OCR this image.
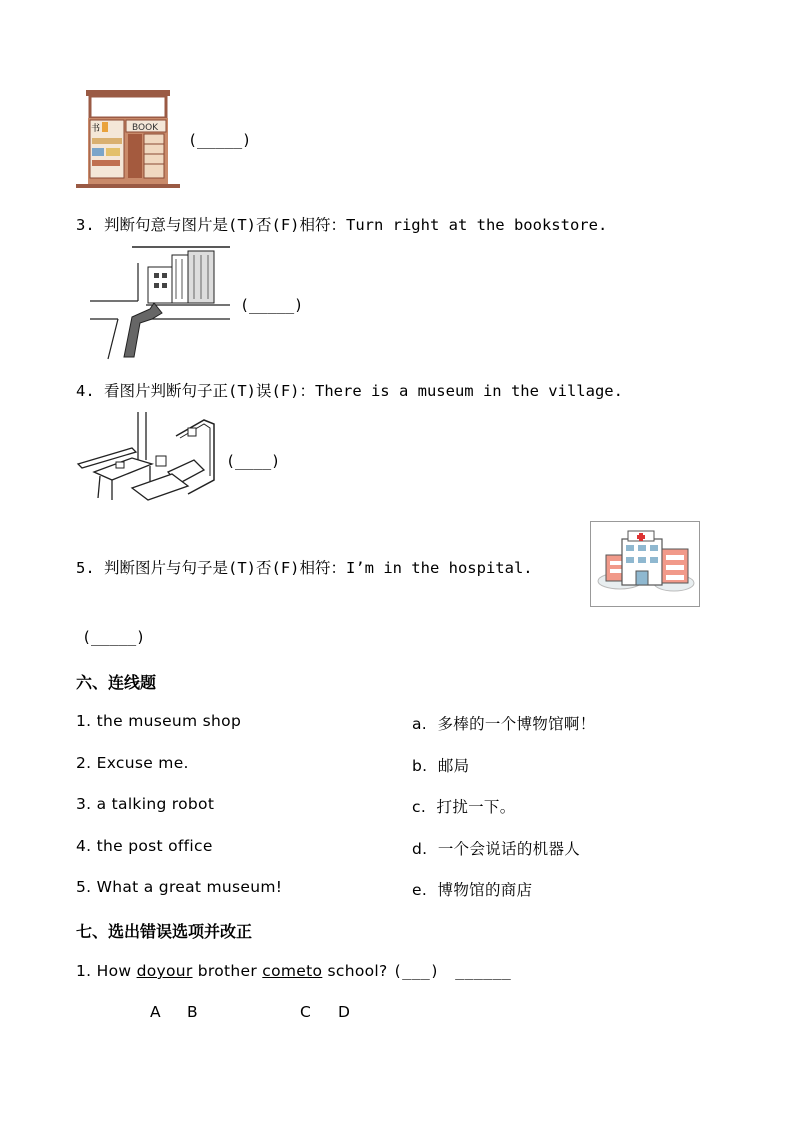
书	BOOK
(_____)
3. 判断句意与图片是(T)否(F)相符：Turn right at the bookstore.
(_____)
4. 看图片判断句子正(T)误(F)：There is a museum in the village.
(____)
5. 判断图片与句子是(T)否(F)相符：I’m in the hospital.
(_____)
六、连线题
1. the museum shop
2. Excuse me.
3. a talking robot
4. the post office
5. What a great museum!
a. 多棒的一个博物馆啊！
b. 邮局
c. 打扰一下。
d. 一个会说话的机器人
e. 博物馆的商店
七、选出错误选项并改正
1. How doyour brother cometo school? (___) ______
A B	C D
